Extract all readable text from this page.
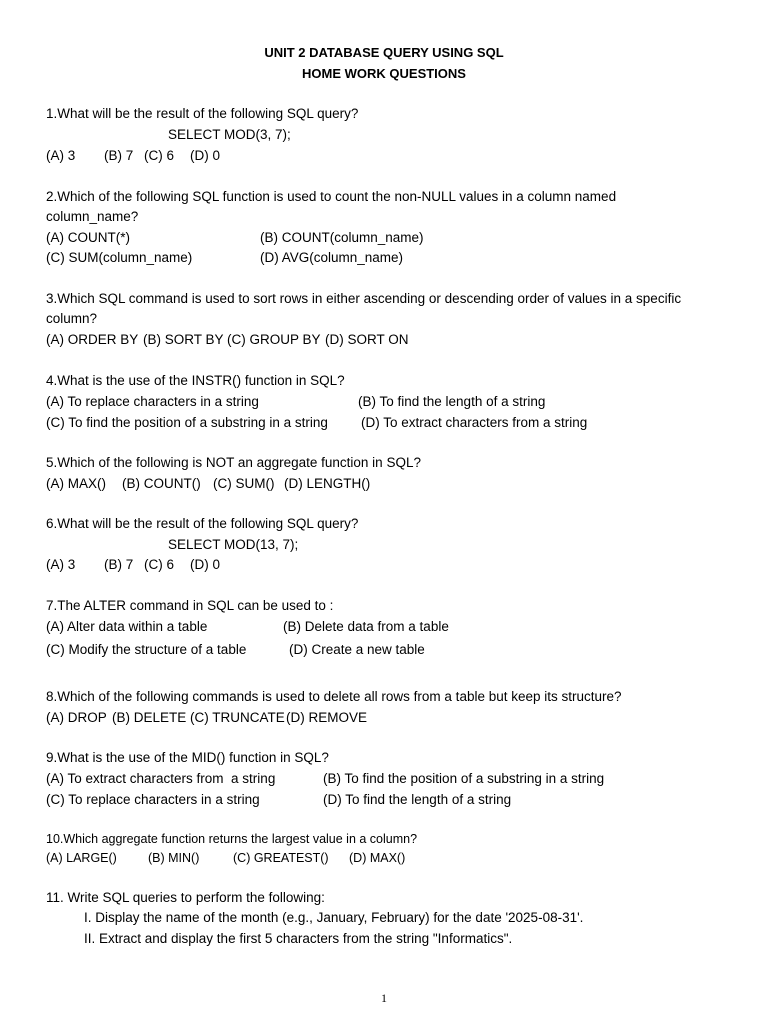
UNIT 2 DATABASE QUERY USING SQL
HOME WORK QUESTIONS
1.What will be the result of the following SQL query?
SELECT MOD(3, 7);
(A) 3 (B) 7 (C) 6 (D) 0
2.Which of the following SQL function is used to count the non-NULL values in a column named
column_name?
(A) COUNT(*)	(B) COUNT(column_name)
(C) SUM(column_name)	(D) AVG(column_name)
3.Which SQL command is used to sort rows in either ascending or descending order of values in a specific
column?
(A) ORDER BY (B) SORT BY (C) GROUP BY (D) SORT ON
4.What is the use of the INSTR() function in SQL?
(A) To replace characters in a string	(B) To find the length of a string
(C) To find the position of a substring in a string (D) To extract characters from a string
5.Which of the following is NOT an aggregate function in SQL?
(A) MAX() (B) COUNT() (C) SUM() (D) LENGTH()
6.What will be the result of the following SQL query?
SELECT MOD(13, 7);
(A) 3 (B) 7 (C) 6 (D) 0
7.The ALTER command in SQL can be used to :
(A) Alter data within a table	(B) Delete data from a table
(C) Modify the structure of a table	(D) Create a new table
8.Which of the following commands is used to delete all rows from a table but keep its structure?
(A) DROP (B) DELETE (C) TRUNCATE (D) REMOVE
9.What is the use of the MID() function in SQL?
(A) To extract characters from  a string	(B) To find the position of a substring in a string
(C) To replace characters in a string	(D) To find the length of a string
10.Which aggregate function returns the largest value in a column?
(A) LARGE() (B) MIN()	(C) GREATEST() (D) MAX()
11. Write SQL queries to perform the following:
I. Display the name of the month (e.g., January, February) for the date '2025-08-31'.
II. Extract and display the first 5 characters from the string "Informatics".
1
